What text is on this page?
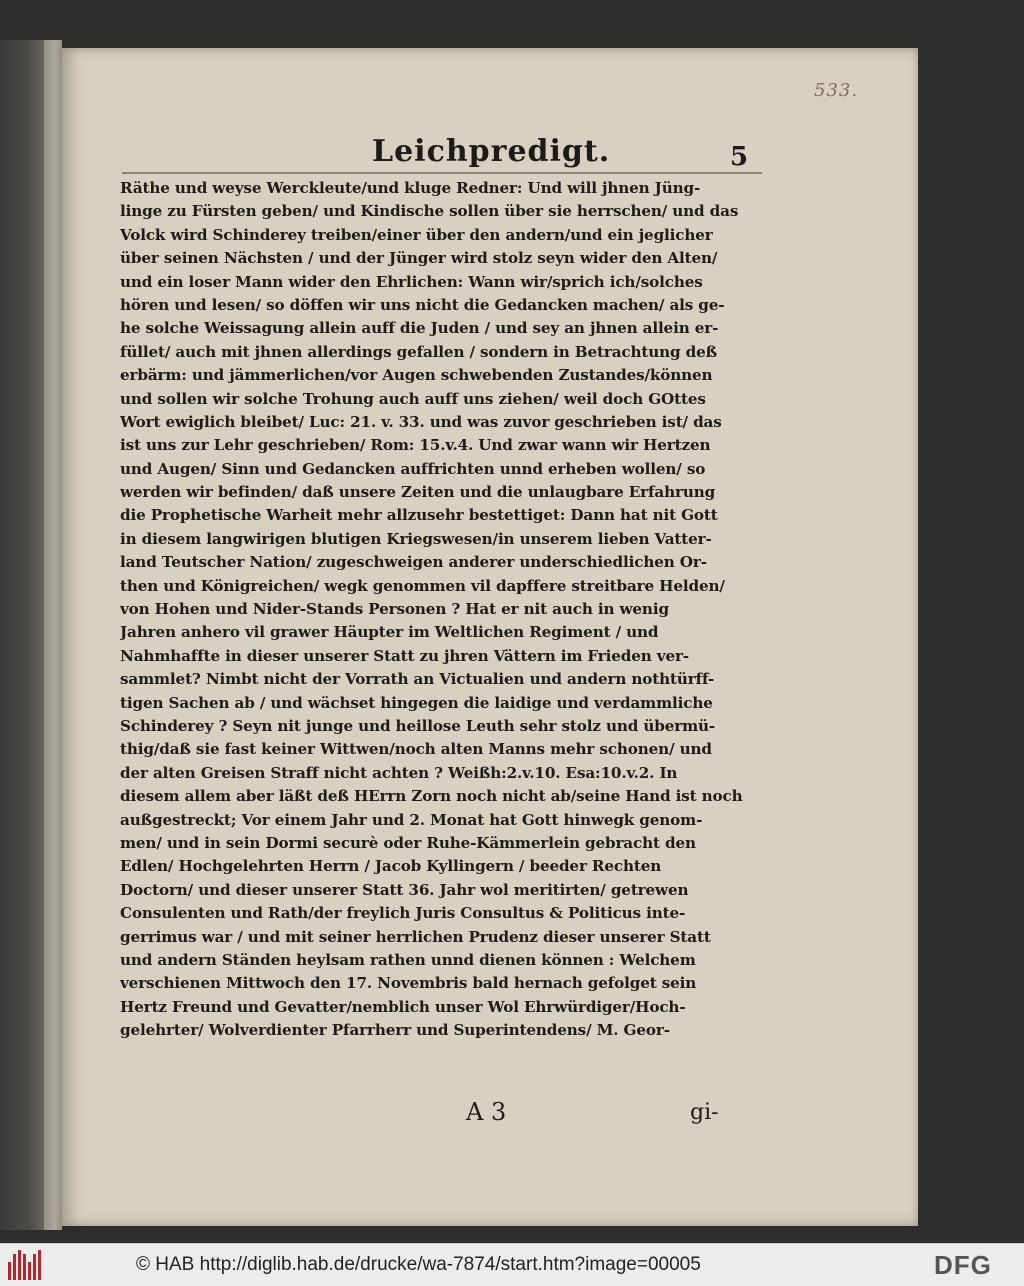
533.
Leichpredigt.	5
Räthe und weyse Werckleute/und kluge Redner: Und will jhnen Jüng-
linge zu Fürsten geben/ und Kindische sollen über sie herrschen/ und das
Volck wird Schinderey treiben/einer über den andern/und ein jeglicher
über seinen Nächsten / und der Jünger wird stolz seyn wider den Alten/
und ein loser Mann wider den Ehrlichen: Wann wir/sprich ich/solches
hören und lesen/ so döffen wir uns nicht die Gedancken machen/ als ge-
he solche Weissagung allein auff die Juden / und sey an jhnen allein er-
füllet/ auch mit jhnen allerdings gefallen / sondern in Betrachtung deß
erbärm: und jämmerlichen/vor Augen schwebenden Zustandes/können
und sollen wir solche Trohung auch auff uns ziehen/ weil doch GOttes
Wort ewiglich bleibet/ Luc: 21. v. 33. und was zuvor geschrieben ist/ das
ist uns zur Lehr geschrieben/ Rom: 15.v.4. Und zwar wann wir Hertzen
und Augen/ Sinn und Gedancken auffrichten unnd erheben wollen/ so
werden wir befinden/ daß unsere Zeiten und die unlaugbare Erfahrung
die Prophetische Warheit mehr allzusehr bestettiget: Dann hat nit Gott
in diesem langwirigen blutigen Kriegswesen/in unserem lieben Vatter-
land Teutscher Nation/ zugeschweigen anderer underschiedlichen Or-
then und Königreichen/ wegk genommen vil dapffere streitbare Helden/
von Hohen und Nider-Stands Personen ? Hat er nit auch in wenig
Jahren anhero vil grawer Häupter im Weltlichen Regiment / und
Nahmhaffte in dieser unserer Statt zu jhren Vättern im Frieden ver-
sammlet? Nimbt nicht der Vorrath an Victualien und andern nothtürff-
tigen Sachen ab / und wächset hingegen die laidige und verdammliche
Schinderey ? Seyn nit junge und heillose Leuth sehr stolz und übermü-
thig/daß sie fast keiner Wittwen/noch alten Manns mehr schonen/ und
der alten Greisen Straff nicht achten ? Weißh:2.v.10. Esa:10.v.2. In
diesem allem aber läßt deß HErrn Zorn noch nicht ab/seine Hand ist noch
außgestreckt; Vor einem Jahr und 2. Monat hat Gott hinwegk genom-
men/ und in sein Dormi securè oder Ruhe-Kämmerlein gebracht den
Edlen/ Hochgelehrten Herrn / Jacob Kyllingern / beeder Rechten
Doctorn/ und dieser unserer Statt 36. Jahr wol meritirten/ getrewen
Consulenten und Rath/der freylich Juris Consultus & Politicus inte-
gerrimus war / und mit seiner herrlichen Prudenz dieser unserer Statt
und andern Ständen heylsam rathen unnd dienen können : Welchem
verschienen Mittwoch den 17. Novembris bald hernach gefolget sein
Hertz Freund und Gevatter/nemblich unser Wol Ehrwürdiger/Hoch-
gelehrter/ Wolverdienter Pfarrherr und Superintendens/ M. Geor-
A 3	gi-
© HAB http://diglib.hab.de/drucke/wa-7874/start.htm?image=00005	DFG
